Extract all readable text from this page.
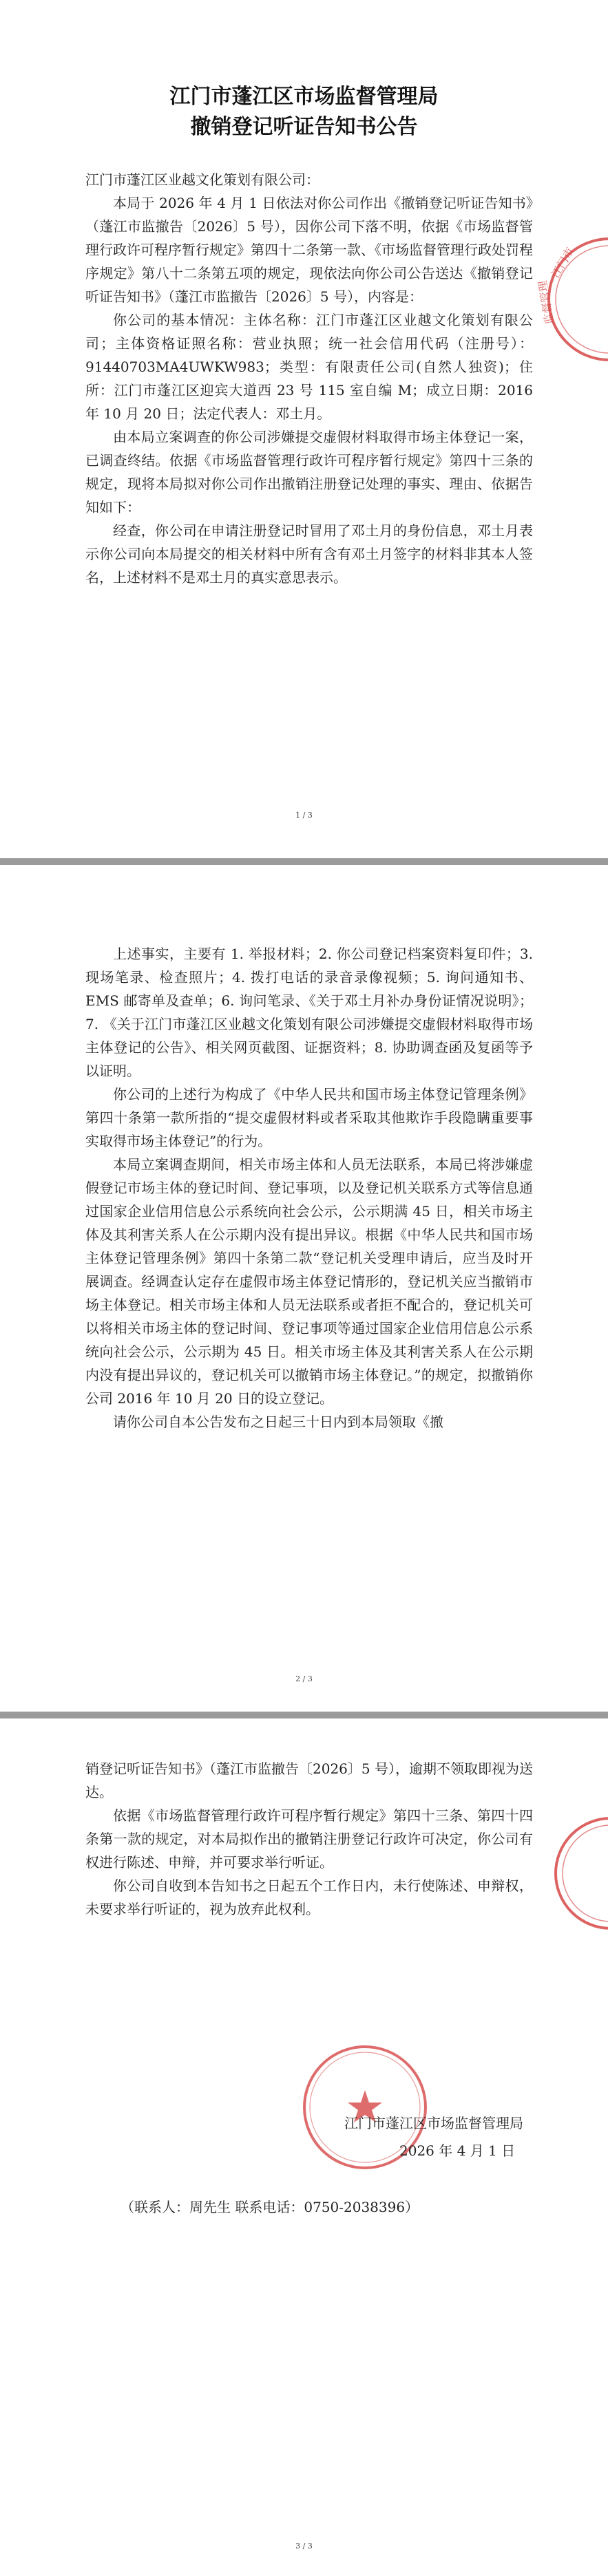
江门市蓬江区市场监督管理局
撤销登记听证告知书公告

江门市蓬江区业越文化策划有限公司：

本局于 2026 年 4 月 1 日依法对你公司作出《撤销登记听证告知书》（蓬江市监撤告〔2026〕5 号），因你公司下落不明，依据《市场监督管理行政许可程序暂行规定》第四十二条第一款、《市场监督管理行政处罚程序规定》第八十二条第五项的规定，现依法向你公司公告送达《撤销登记听证告知书》（蓬江市监撤告〔2026〕5 号），内容是：

你公司的基本情况：主体名称：江门市蓬江区业越文化策划有限公司；主体资格证照名称：营业执照；统一社会信用代码（注册号）：91440703MA4UWKW983；类型：有限责任公司(自然人独资)；住所：江门市蓬江区迎宾大道西 23 号 115 室自编 M；成立日期：2016 年 10 月 20 日；法定代表人：邓土月。

由本局立案调查的你公司涉嫌提交虚假材料取得市场主体登记一案，已调查终结。依据《市场监督管理行政许可程序暂行规定》第四十三条的规定，现将本局拟对你公司作出撤销注册登记处理的事实、理由、依据告知如下：

经查，你公司在申请注册登记时冒用了邓土月的身份信息，邓土月表示你公司向本局提交的相关材料中所有含有邓土月签字的材料非其本人签名，上述材料不是邓土月的真实意思表示。

江门市
监督管理
1 / 3

上述事实，主要有 1. 举报材料；2. 你公司登记档案资料复印件；3. 现场笔录、检查照片；4. 拨打电话的录音录像视频；5. 询问通知书、EMS 邮寄单及查单；6. 询问笔录、《关于邓土月补办身份证情况说明》；7. 《关于江门市蓬江区业越文化策划有限公司涉嫌提交虚假材料取得市场主体登记的公告》、相关网页截图、证据资料；8. 协助调查函及复函等予以证明。

你公司的上述行为构成了《中华人民共和国市场主体登记管理条例》第四十条第一款所指的“提交虚假材料或者采取其他欺诈手段隐瞒重要事实取得市场主体登记”的行为。

本局立案调查期间，相关市场主体和人员无法联系，本局已将涉嫌虚假登记市场主体的登记时间、登记事项，以及登记机关联系方式等信息通过国家企业信用信息公示系统向社会公示，公示期满 45 日，相关市场主体及其利害关系人在公示期内没有提出异议。根据《中华人民共和国市场主体登记管理条例》第四十条第二款“登记机关受理申请后，应当及时开展调查。经调查认定存在虚假市场主体登记情形的，登记机关应当撤销市场主体登记。相关市场主体和人员无法联系或者拒不配合的，登记机关可以将相关市场主体的登记时间、登记事项等通过国家企业信用信息公示系统向社会公示，公示期为 45 日。相关市场主体及其利害关系人在公示期内没有提出异议的，登记机关可以撤销市场主体登记。”的规定，拟撤销你公司 2016 年 10 月 20 日的设立登记。

请你公司自本公告发布之日起三十日内到本局领取《撤

2 / 3

销登记听证告知书》（蓬江市监撤告〔2026〕5 号），逾期不领取即视为送达。

依据《市场监督管理行政许可程序暂行规定》第四十三条、第四十四条第一款的规定，对本局拟作出的撤销注册登记行政许可决定，你公司有权进行陈述、申辩，并可要求举行听证。

你公司自收到本告知书之日起五个工作日内，未行使陈述、申辩权，未要求举行听证的，视为放弃此权利。

江门市蓬江区市场监督管理局
2026 年 4 月 1 日
（联系人：周先生 联系电话：0750-2038396）
3 / 3
